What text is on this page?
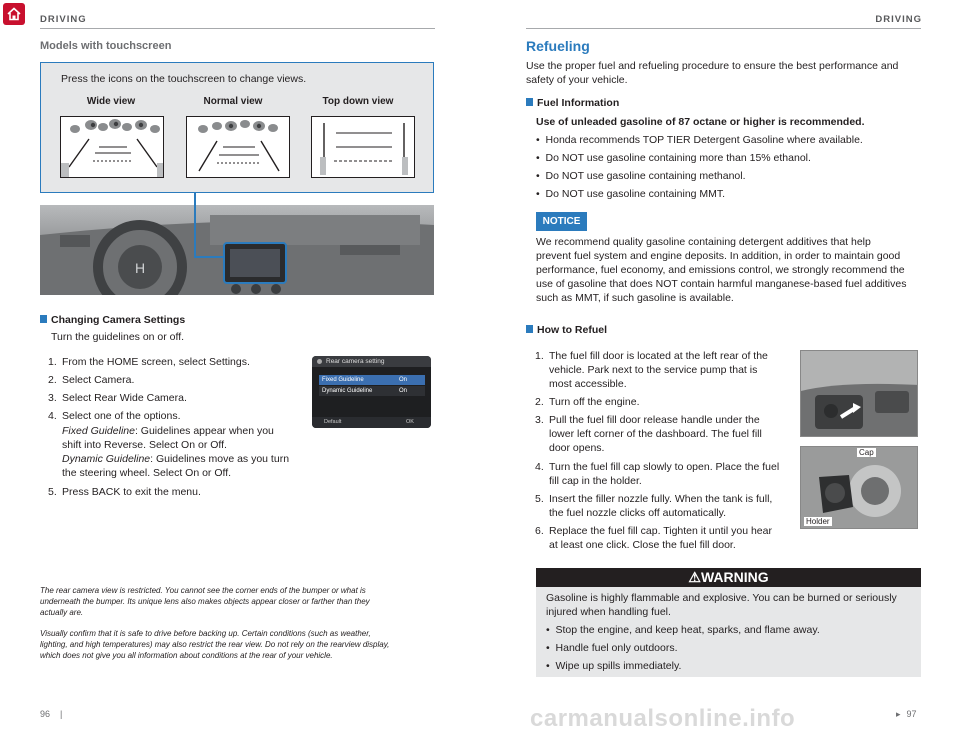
DRIVING	DRIVING
Models with touchscreen
Press the icons on the touchscreen to change views.
Wide view	Normal view	Top down view
H
Changing Camera Settings
Turn the guidelines on or off.
1. From the HOME screen, select Settings.
2. Select Camera.
3. Select Rear Wide Camera.
4. Select one of the options.
Fixed Guideline: Guidelines appear when you
shift into Reverse. Select On or Off.
Dynamic Guideline: Guidelines move as you turn
the steering wheel. Select On or Off.
5. Press BACK to exit the menu.
Rear camera setting
Fixed Guideline	On
Dynamic Guideline	On
Default	OK
The rear camera view is restricted. You cannot see the corner ends of the bumper or what is
underneath the bumper. Its unique lens also makes objects appear closer or farther than they
actually are.
Visually confirm that it is safe to drive before backing up. Certain conditions (such as weather,
lighting, and high temperatures) may also restrict the rear view. Do not rely on the rearview display,
which does not give you all information about conditions at the rear of your vehicle.
96 |
Refueling
Use the proper fuel and refueling procedure to ensure the best performance and
safety of your vehicle.
Fuel Information
Use of unleaded gasoline of 87 octane or higher is recommended.
•  Honda recommends TOP TIER Detergent Gasoline where available.
•  Do NOT use gasoline containing more than 15% ethanol.
•  Do NOT use gasoline containing methanol.
•  Do NOT use gasoline containing MMT.
NOTICE
We recommend quality gasoline containing detergent additives that help
prevent fuel system and engine deposits. In addition, in order to maintain good
performance, fuel economy, and emissions control, we strongly recommend the
use of gasoline that does NOT contain harmful manganese-based fuel additives
such as MMT, if such gasoline is available.
How to Refuel
1. The fuel fill door is located at the left rear of the
vehicle. Park next to the service pump that is
most accessible.
2. Turn off the engine.
3. Pull the fuel fill door release handle under the
lower left corner of the dashboard. The fuel fill
door opens.
4. Turn the fuel fill cap slowly to open. Place the fuel
fill cap in the holder.
5. Insert the filler nozzle fully. When the tank is full,
the fuel nozzle clicks off automatically.
6. Replace the fuel fill cap. Tighten it until you hear
at least one click. Close the fuel fill door.
Cap
Holder
⚠WARNING
Gasoline is highly flammable and explosive. You can be burned or seriously
injured when handling fuel.
•  Stop the engine, and keep heat, sparks, and flame away.
•  Handle fuel only outdoors.
•  Wipe up spills immediately.
▸ 97
carmanualsonline.info
